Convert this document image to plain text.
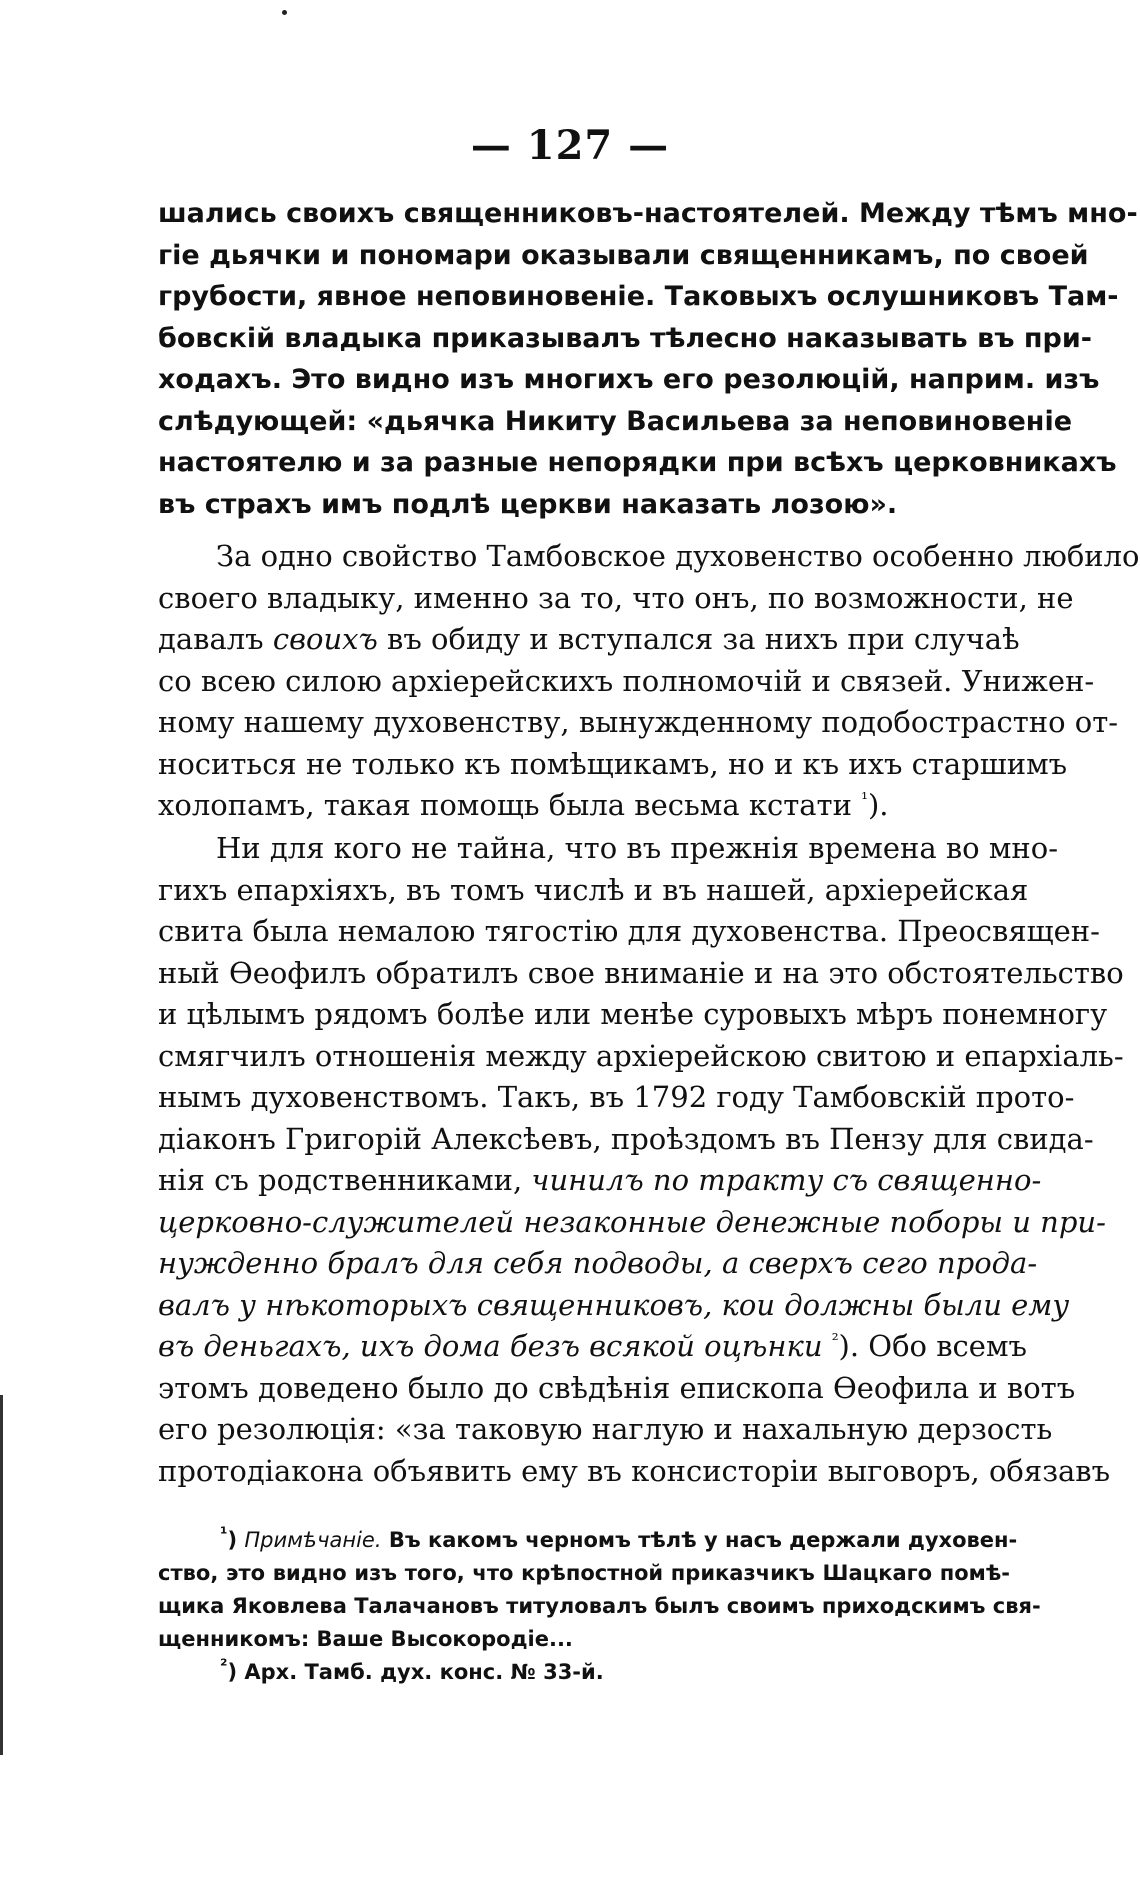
— 127 —
шались своихъ священниковъ-настоятелей. Между тѣмъ мно-
гіе дьячки и пономари оказывали священникамъ, по своей
грубости, явное неповиновеніе. Таковыхъ ослушниковъ Там-
бовскій владыка приказывалъ тѣлесно наказывать въ при-
ходахъ. Это видно изъ многихъ его резолюцій, наприм. изъ
слѣдующей: «дьячка Никиту Васильева за неповиновеніе
настоятелю и за разные непорядки при всѣхъ церковникахъ
въ страхъ имъ подлѣ церкви наказать лозою».
За одно свойство Тамбовское духовенство особенно любило
своего владыку, именно за то, что онъ, по возможности, не
давалъ своихъ въ обиду и вступался за нихъ при случаѣ
со всею силою архіерейскихъ полномочій и связей. Унижен-
ному нашему духовенству, вынужденному подобострастно от-
носиться не только къ помѣщикамъ, но и къ ихъ старшимъ
холопамъ, такая помощь была весьма кстати $^{^1}$).
Ни для кого не тайна, что въ прежнія времена во мно-
гихъ епархіяхъ, въ томъ числѣ и въ нашей, архіерейская
свита была немалою тягостію для духовенства. Преосвящен-
ный Ѳеофилъ обратилъ свое вниманіе и на это обстоятельство
и цѣлымъ рядомъ болѣе или менѣе суровыхъ мѣръ понемногу
смягчилъ отношенія между архіерейскою свитою и епархіаль-
нымъ духовенствомъ. Такъ, въ 1792 году Тамбовскій прото-
діаконъ Григорій Алексѣевъ, проѣздомъ въ Пензу для свида-
нія съ родственниками, чинилъ по тракту съ священно-
церковно-служителей незаконные денежные поборы и при-
нужденно бралъ для себя подводы, а сверхъ сего прода-
валъ у нѣкоторыхъ священниковъ, кои должны были ему
въ деньгахъ, ихъ дома безъ всякой оцѣнки $^{^2}$). Обо всемъ
этомъ доведено было до свѣдѣнія епископа Ѳеофила и вотъ
его резолюція: «за таковую наглую и нахальную дерзость
протодіакона объявить ему въ консисторіи выговоръ, обязавъ
$^{^1}$) Примѣчаніе. Въ какомъ черномъ тѣлѣ у насъ держали духовен-
ство, это видно изъ того, что крѣпостной приказчикъ Шацкаго помѣ-
щика Яковлева Талачановъ титуловалъ былъ своимъ приходскимъ свя-
щенникомъ: Ваше Высокородіе...
$^{^2}$) Арх. Тамб. дух. конс. № 33-й.
